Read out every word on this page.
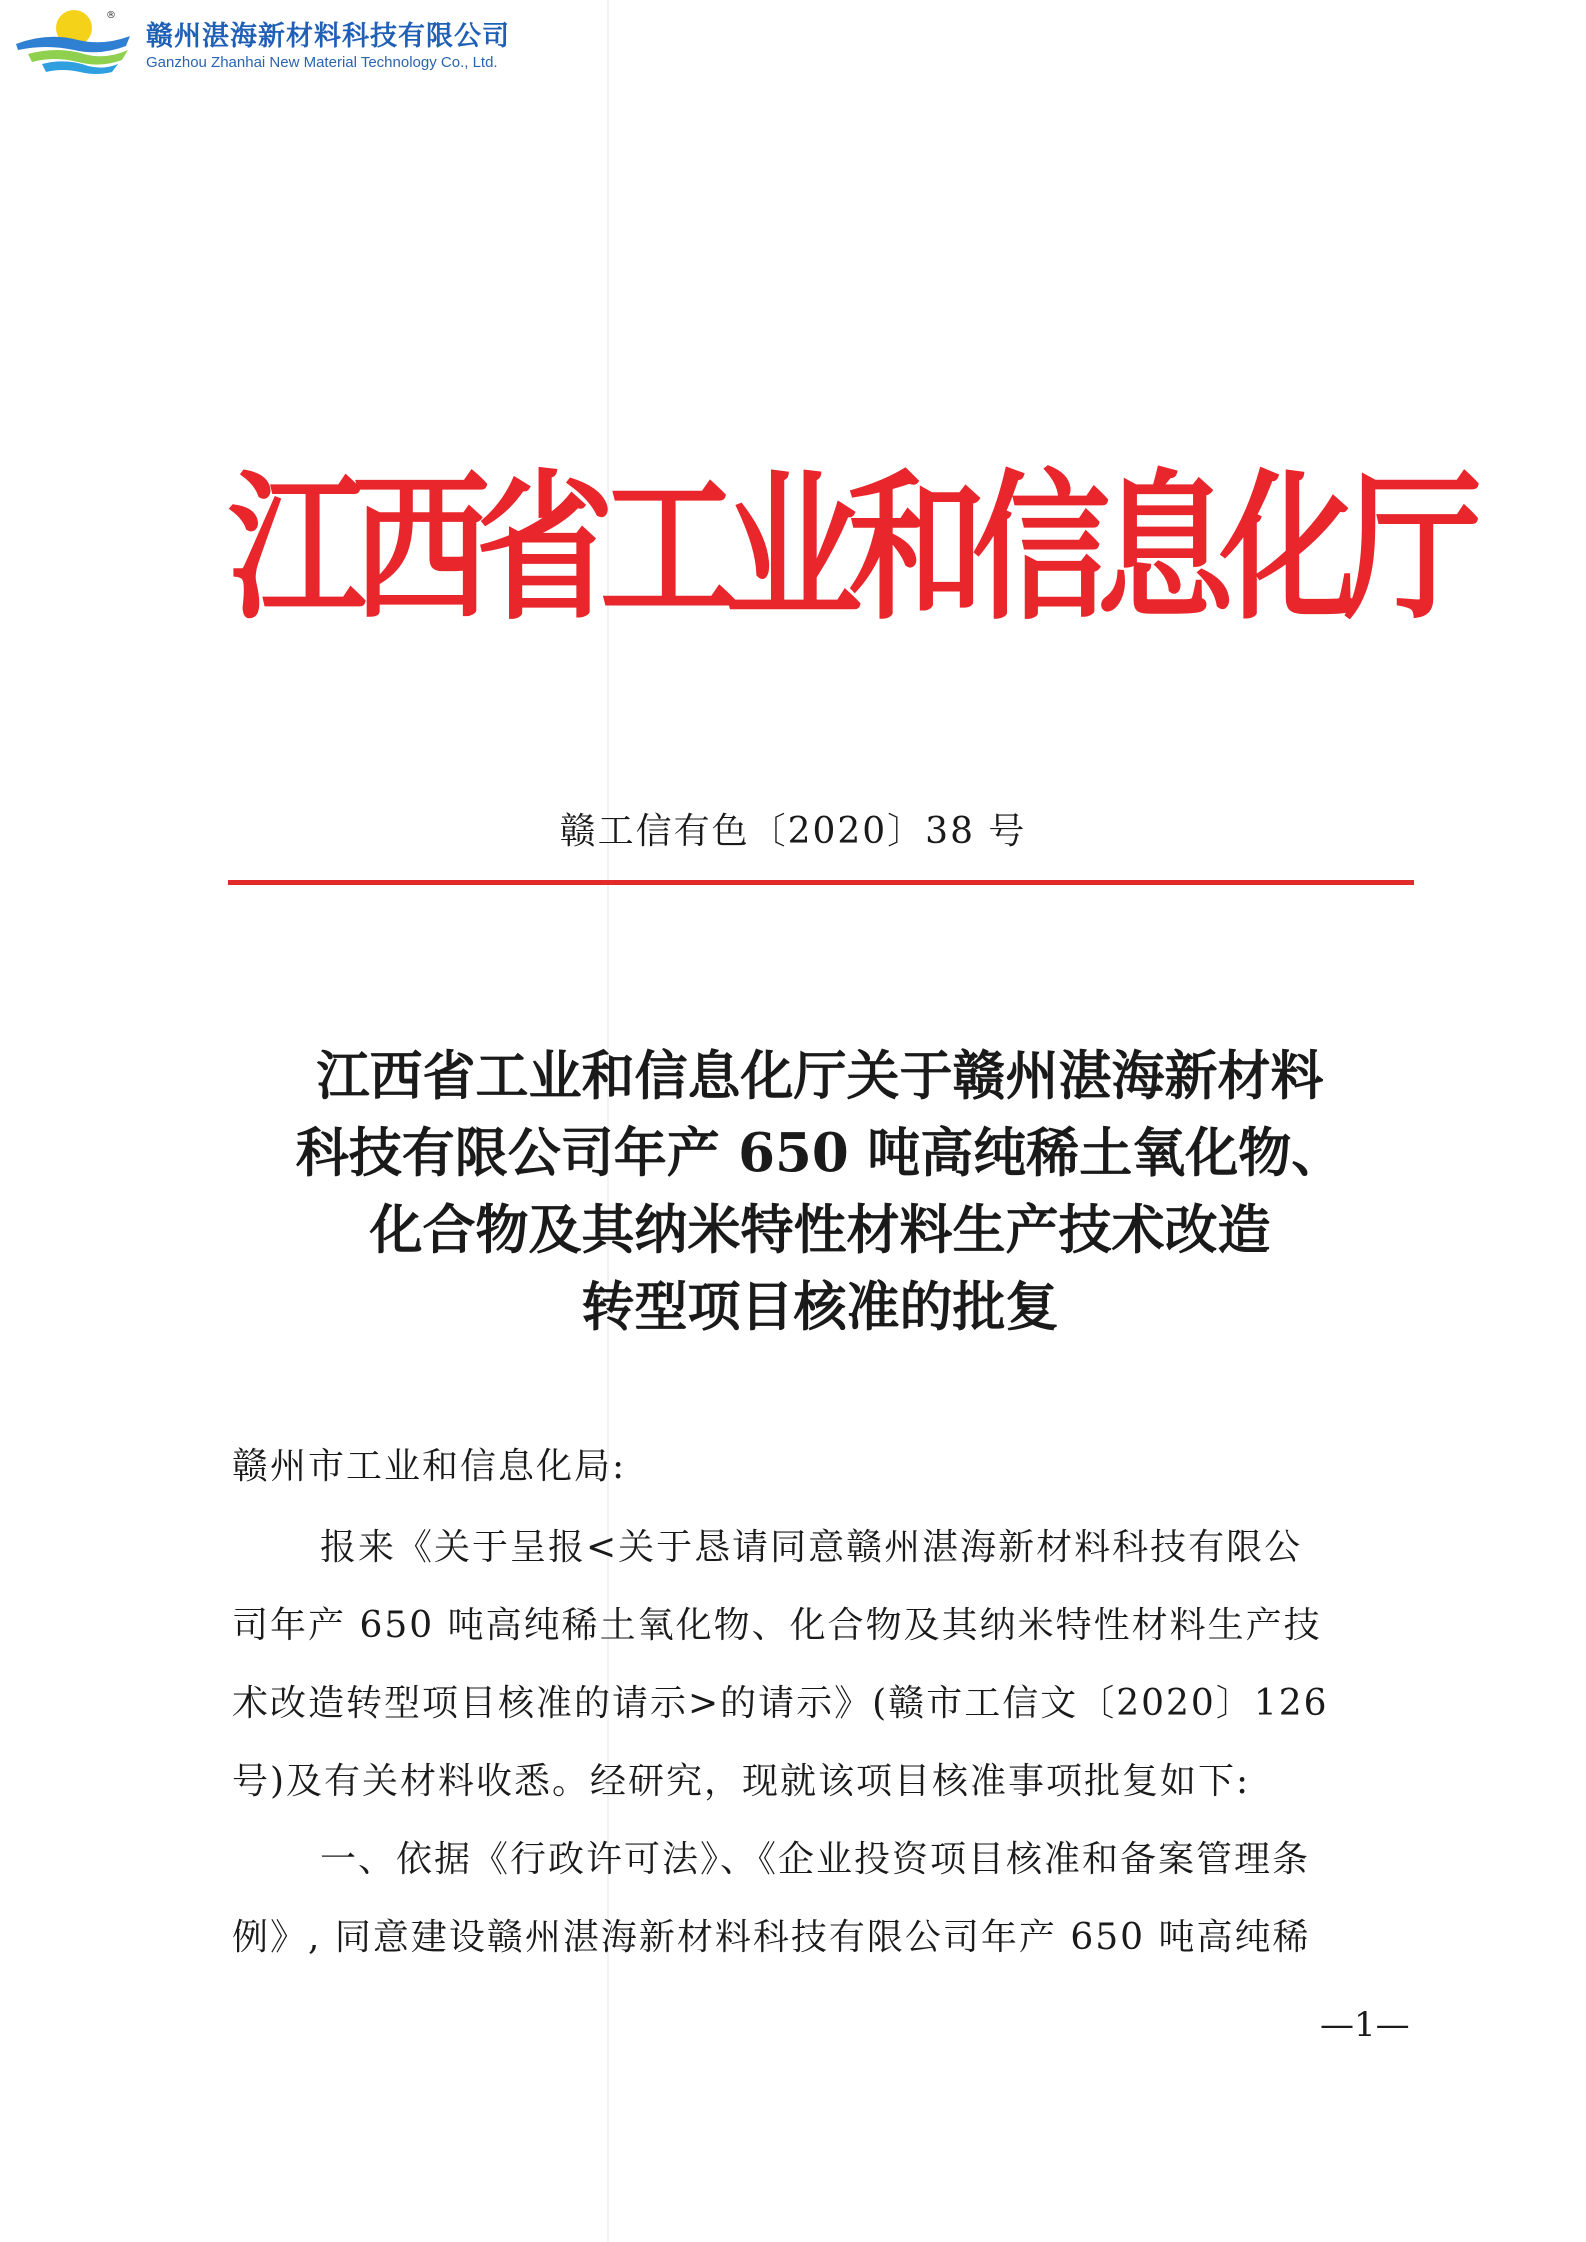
®
赣州湛海新材料科技有限公司
Ganzhou Zhanhai New Material Technology Co., Ltd.
江西省工业和信息化厅
赣工信有色〔2020〕38 号
江西省工业和信息化厅关于赣州湛海新材料
科技有限公司年产 650 吨高纯稀土氧化物、
化合物及其纳米特性材料生产技术改造
转型项目核准的批复
赣州市工业和信息化局:
报来《关于呈报<关于恳请同意赣州湛海新材料科技有限公
司年产 650 吨高纯稀土氧化物、化合物及其纳米特性材料生产技
术改造转型项目核准的请示>的请示》(赣市工信文〔2020〕126
号)及有关材料收悉。经研究，现就该项目核准事项批复如下:
一、依据《行政许可法》、《企业投资项目核准和备案管理条
例》, 同意建设赣州湛海新材料科技有限公司年产 650 吨高纯稀
—1—
